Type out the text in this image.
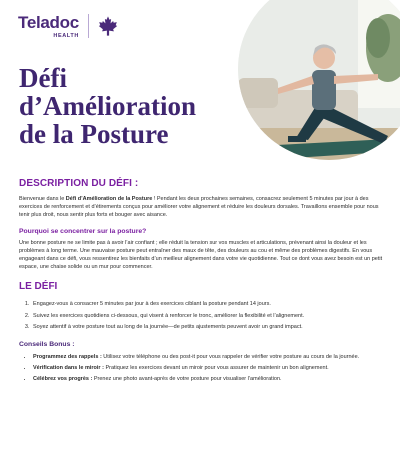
Teladoc
HEALTH
Défi
d’Amélioration
de la Posture
DESCRIPTION DU DÉFI :

Bienvenue dans le Défi d’Amélioration de la Posture ! Pendant les deux prochaines semaines, consacrez seulement 5 minutes par jour à des exercices de renforcement et d’étirements conçus pour améliorer votre alignement et réduire les douleurs dorsales. Travaillons ensemble pour nous tenir plus droit, nous sentir plus forts et bouger avec aisance.

Pourquoi se concentrer sur la posture?

Une bonne posture ne se limite pas à avoir l’air confiant ; elle réduit la tension sur vos muscles et articulations, prévenant ainsi la douleur et les problèmes à long terme. Une mauvaise posture peut entraîner des maux de tête, des douleurs au cou et même des problèmes digestifs. En vous engageant dans ce défi, vous ressentirez les bienfaits d’un meilleur alignement dans votre vie quotidienne. Tout ce dont vous avez besoin est un petit espace, une chaise solide ou un mur pour commencer.

LE DÉFI
1. Engagez-vous à consacrer 5 minutes par jour à des exercices ciblant la posture pendant 14 jours.
2. Suivez les exercices quotidiens ci-dessous, qui visent à renforcer le tronc, améliorer la flexibilité et l’alignement.
3. Soyez attentif à votre posture tout au long de la journée—de petits ajustements peuvent avoir un grand impact.
Conseils Bonus :
• Programmez des rappels : Utilisez votre téléphone ou des post-it pour vous rappeler de vérifier votre posture au cours de la journée.
• Vérification dans le miroir : Pratiquez les exercices devant un miroir pour vous assurer de maintenir un bon alignement.
• Célébrez vos progrès : Prenez une photo avant-après de votre posture pour visualiser l’amélioration.
